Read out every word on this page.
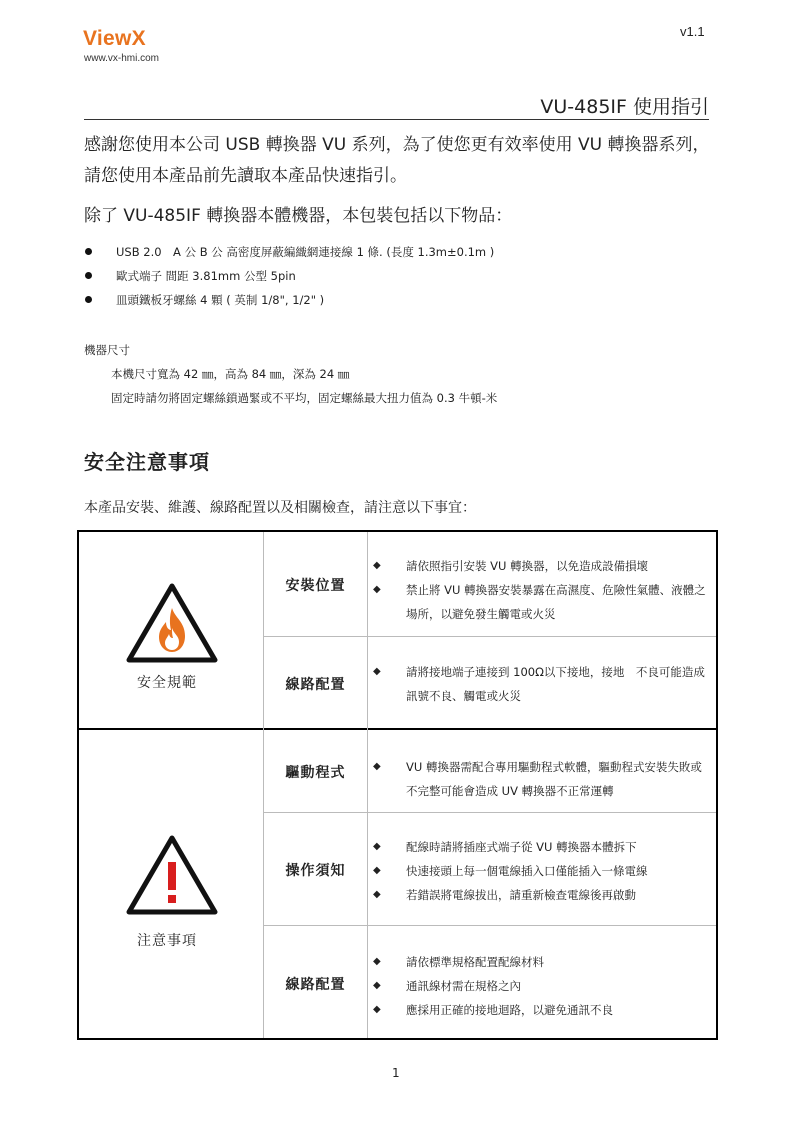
ViewX
www.vx-hmi.com
v1.1
VU-485IF 使用指引
感謝您使用本公司 USB 轉換器 VU 系列，為了使您更有效率使用 VU 轉換器系列，請您使用本產品前先讀取本產品快速指引。
除了 VU-485IF 轉換器本體機器，本包裝包括以下物品：
USB 2.0　A 公 B 公 高密度屏蔽編織網連接線 1 條. (長度 1.3m±0.1m )
歐式端子 間距 3.81mm 公型 5pin
皿頭鐵板牙螺絲 4 顆 ( 英制 1/8", 1/2" )
機器尺寸
本機尺寸寬為 42 ㎜，高為 84 ㎜，深為 24 ㎜
固定時請勿將固定螺絲鎖過緊或不平均，固定螺絲最大扭力值為 0.3 牛頓-米
安全注意事項
本產品安裝、維護、線路配置以及相關檢查，請注意以下事宜：
安全規範
安裝位置
◆	請依照指引安裝 VU 轉換器，以免造成設備損壞
◆	禁止將 VU 轉換器安裝暴露在高濕度、危險性氣體、液體之場所，以避免發生觸電或火災
線路配置
◆	請將接地端子連接到 100Ω以下接地，接地　不良可能造成訊號不良、觸電或火災
注意事項
驅動程式	◆	VU 轉換器需配合專用驅動程式軟體，驅動程式安裝失敗或不完整可能會造成 UV 轉換器不正常運轉
操作須知
◆	配線時請將插座式端子從 VU 轉換器本體拆下
◆	快速接頭上每一個電線插入口僅能插入一條電線
◆	若錯誤將電線拔出，請重新檢查電線後再啟動
線路配置
◆	請依標準規格配置配線材料
◆	通訊線材需在規格之內
◆	應採用正確的接地迴路，以避免通訊不良
1
